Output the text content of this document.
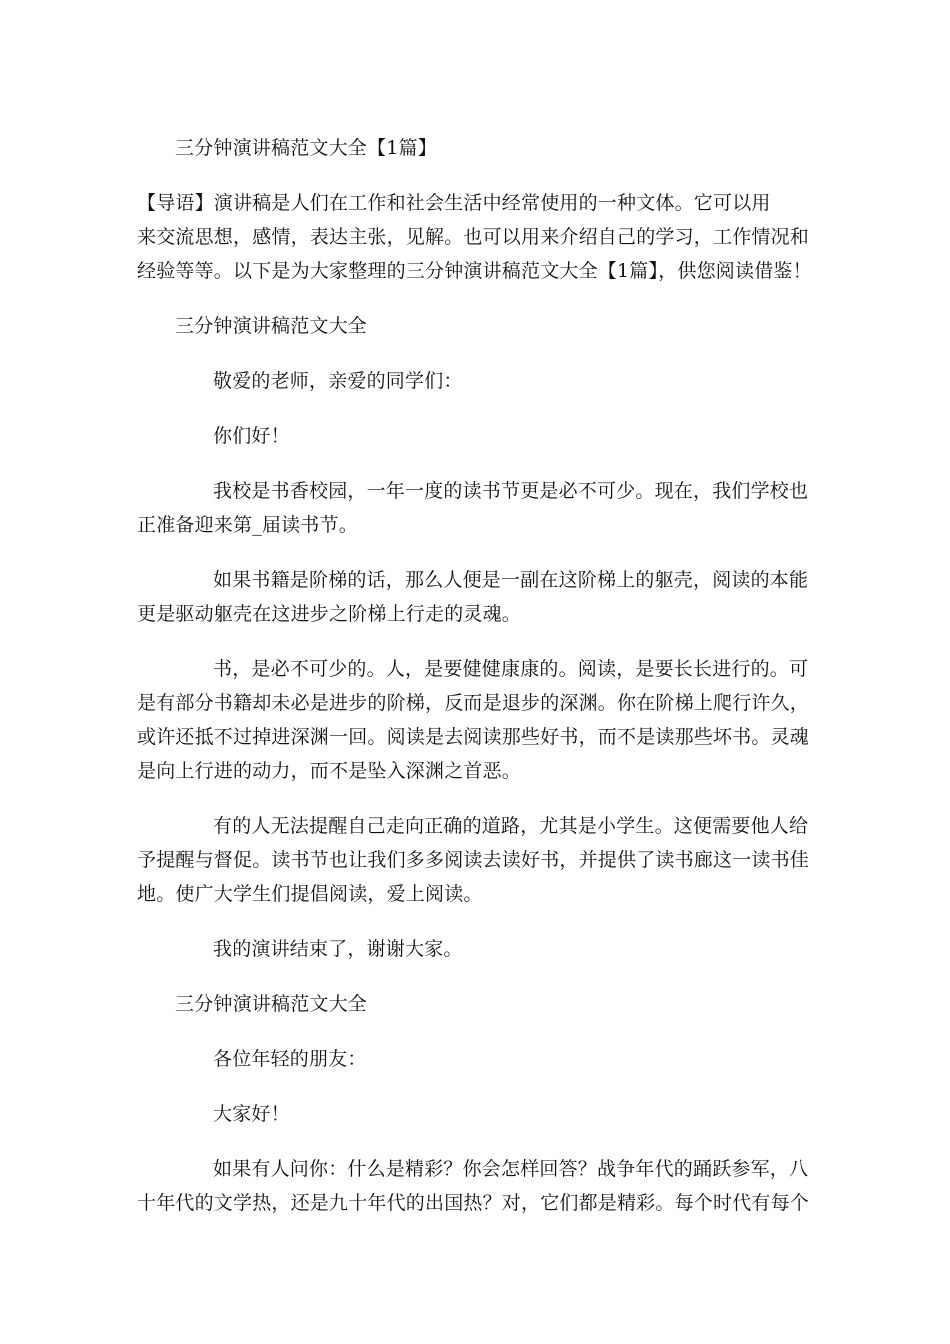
三分钟演讲稿范文大全【1篇】
【导语】演讲稿是人们在工作和社会生活中经常使用的一种文体。它可以用
来交流思想，感情，表达主张，见解。也可以用来介绍自己的学习，工作情况和
经验等等。以下是为大家整理的三分钟演讲稿范文大全【1篇】，供您阅读借鉴！
三分钟演讲稿范文大全
敬爱的老师，亲爱的同学们：
你们好！
我校是书香校园，一年一度的读书节更是必不可少。现在，我们学校也
正准备迎来第_届读书节。
如果书籍是阶梯的话，那么人便是一副在这阶梯上的躯壳，阅读的本能
更是驱动躯壳在这进步之阶梯上行走的灵魂。
书，是必不可少的。人，是要健健康康的。阅读，是要长长进行的。可
是有部分书籍却未必是进步的阶梯，反而是退步的深渊。你在阶梯上爬行许久，
或许还抵不过掉进深渊一回。阅读是去阅读那些好书，而不是读那些坏书。灵魂
是向上行进的动力，而不是坠入深渊之首恶。
有的人无法提醒自己走向正确的道路，尤其是小学生。这便需要他人给
予提醒与督促。读书节也让我们多多阅读去读好书，并提供了读书廊这一读书佳
地。使广大学生们提倡阅读，爱上阅读。
我的演讲结束了，谢谢大家。
三分钟演讲稿范文大全
各位年轻的朋友：
大家好！
如果有人问你：什么是精彩？你会怎样回答？战争年代的踊跃参军，八
十年代的文学热，还是九十年代的出国热？对，它们都是精彩。每个时代有每个
